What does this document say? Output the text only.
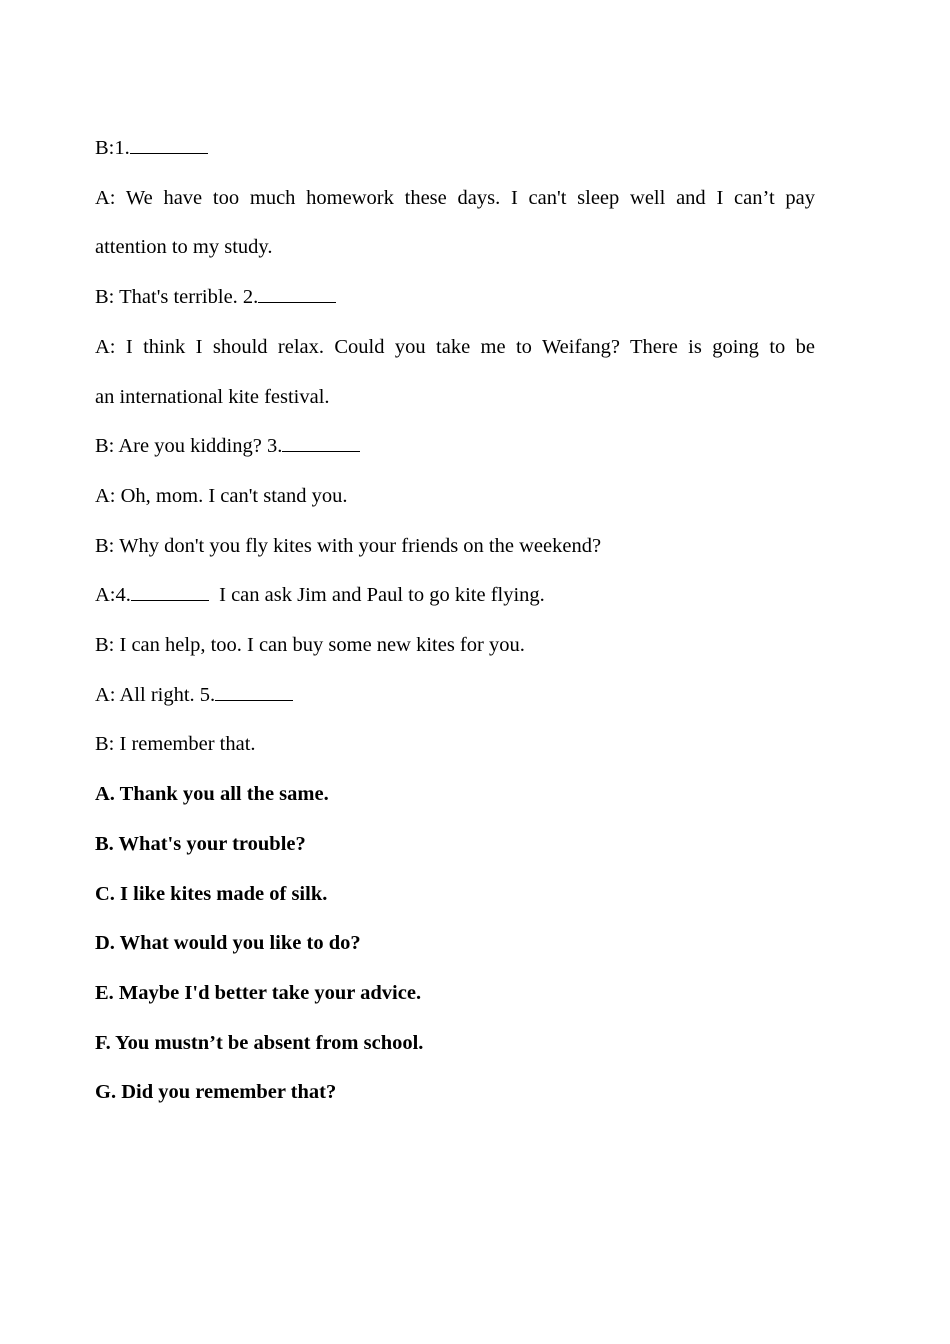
B:1.

A: We have too much homework these days. I can't sleep well and I can’t pay

attention to my study.

B: That's terrible. 2.

A: I think I should relax. Could you take me to Weifang? There is going to be

an international kite festival.

B: Are you kidding? 3.

A: Oh, mom. I can't stand you.

B: Why don't you fly kites with your friends on the weekend?

A:4.	I can ask Jim and Paul to go kite flying.

B: I can help, too. I can buy some new kites for you.

A: All right. 5.

B: I remember that.

A. Thank you all the same.

B. What's your trouble?

C. I like kites made of silk.

D. What would you like to do?

E. Maybe I'd better take your advice.

F. You mustn’t be absent from school.

G. Did you remember that?
